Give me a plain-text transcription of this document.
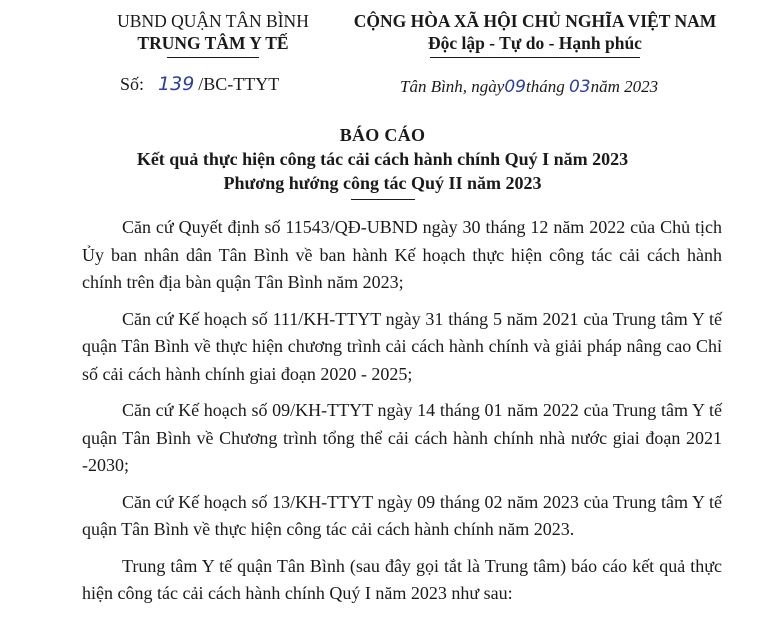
UBND QUẬN TÂN BÌNH
TRUNG TÂM Y TẾ
CỘNG HÒA XÃ HỘI CHỦ NGHĨA VIỆT NAM
Độc lập - Tự do - Hạnh phúc
Số: 139 /BC-TTYT	Tân Bình, ngày09tháng 03năm 2023
BÁO CÁO
Kết quả thực hiện công tác cải cách hành chính Quý I năm 2023
Phương hướng công tác Quý II năm 2023

Căn cứ Quyết định số 11543/QĐ-UBND ngày 30 tháng 12 năm 2022 của Chủ tịch Ủy ban nhân dân Tân Bình về ban hành Kế hoạch thực hiện công tác cải cách hành chính trên địa bàn quận Tân Bình năm 2023;

Căn cứ Kế hoạch số 111/KH-TTYT ngày 31 tháng 5 năm 2021 của Trung tâm Y tế quận Tân Bình về thực hiện chương trình cải cách hành chính và giải pháp nâng cao Chỉ số cải cách hành chính giai đoạn 2020 - 2025;

Căn cứ Kế hoạch số 09/KH-TTYT ngày 14 tháng 01 năm 2022 của Trung tâm Y tế quận Tân Bình về Chương trình tổng thể cải cách hành chính nhà nước giai đoạn 2021 -2030;

Căn cứ Kế hoạch số 13/KH-TTYT ngày 09 tháng 02 năm 2023 của Trung tâm Y tế quận Tân Bình về thực hiện công tác cải cách hành chính năm 2023.

Trung tâm Y tế quận Tân Bình (sau đây gọi tắt là Trung tâm) báo cáo kết quả thực hiện công tác cải cách hành chính Quý I năm 2023 như sau:
